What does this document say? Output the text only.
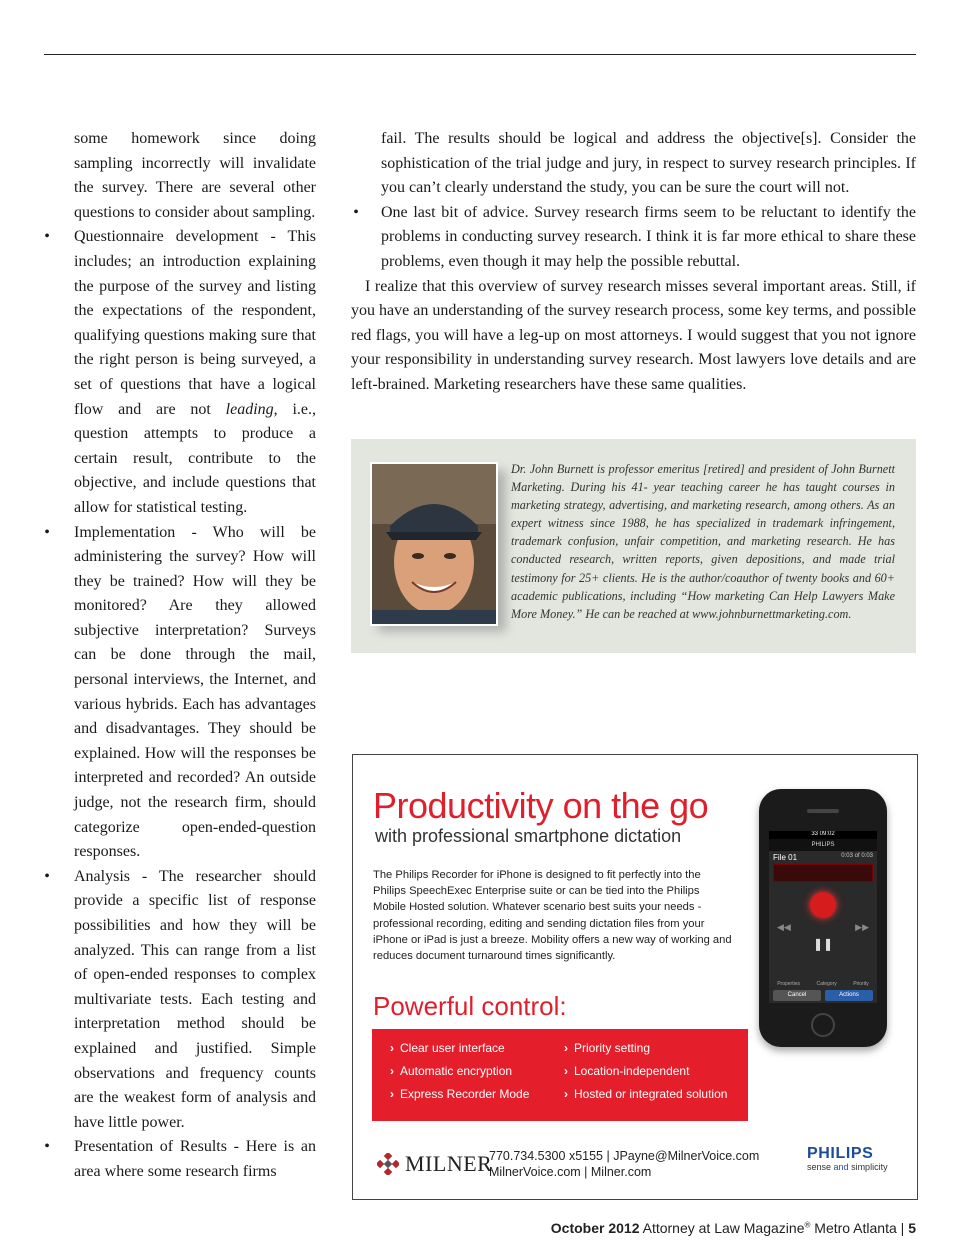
some homework since doing sampling incorrectly will invalidate the survey. There are several other questions to consider about sampling.

• Questionnaire development - This includes; an introduction explaining the purpose of the survey and listing the expectations of the respondent, qualifying questions making sure that the right person is being surveyed, a set of questions that have a logical flow and are not leading, i.e., question attempts to produce a certain result, contribute to the objective, and include questions that allow for statistical testing.
• Implementation - Who will be administering the survey? How will they be trained? How will they be monitored? Are they allowed subjective interpretation? Surveys can be done through the mail, personal interviews, the Internet, and various hybrids. Each has advantages and disadvantages. They should be explained. How will the responses be interpreted and recorded? An outside judge, not the research firm, should categorize open-ended-question responses.
• Analysis - The researcher should provide a specific list of response possibilities and how they will be analyzed. This can range from a list of open-ended responses to complex multivariate tests. Each testing and interpretation method should be explained and justified. Simple observations and frequency counts are the weakest form of analysis and have little power.
• Presentation of Results - Here is an area where some research firms

fail. The results should be logical and address the objective[s]. Consider the sophistication of the trial judge and jury, in respect to survey research principles. If you can’t clearly understand the study, you can be sure the court will not.

• One last bit of advice. Survey research firms seem to be reluctant to identify the problems in conducting survey research. I think it is far more ethical to share these problems, even though it may help the possible rebuttal.

I realize that this overview of survey research misses several important areas. Still, if you have an understanding of the survey research process, some key terms, and possible red flags, you will have a leg-up on most attorneys. I would suggest that you not ignore your responsibility in understanding survey research. Most lawyers love details and are left-brained. Marketing researchers have these same qualities.

Dr. John Burnett is professor emeritus [retired] and president of John Burnett Marketing. During his 41- year teaching career he has taught courses in marketing strategy, advertising, and marketing research, among others. As an expert witness since 1988, he has specialized in trademark infringement, trademark confusion, unfair competition, and marketing research. He has conducted research, written reports, given depositions, and made trial testimony for 25+ clients. He is the author/coauthor of twenty books and 60+ academic publications, including “How marketing Can Help Lawyers Make More Money.” He can be reached at www.johnburnettmarketing.com.
Productivity on the go
with professional smartphone dictation
The Philips Recorder for iPhone is designed to fit perfectly into the Philips SpeechExec Enterprise suite or can be tied into the Philips Mobile Hosted solution. Whatever scenario best suits your needs - professional recording, editing and sending dictation files from your iPhone or iPad is just a breeze. Mobility offers a new way of working and reduces document turnaround times significantly.
Powerful control:
› Clear user interface
› Automatic encryption
› Express Recorder Mode
› Priority setting
› Location-independent
› Hosted or integrated solution
33 09:02
PHILIPS
File 01	0:03 of 0:03
◀◀	▶▶
❚❚
Properties	Category	Priority
Cancel	Actions
MILNER
770.734.5300 x5155 | JPayne@MilnerVoice.com
MilnerVoice.com | Milner.com
PHILIPS
sense and simplicity
October 2012 Attorney at Law Magazine® Metro Atlanta | 5
